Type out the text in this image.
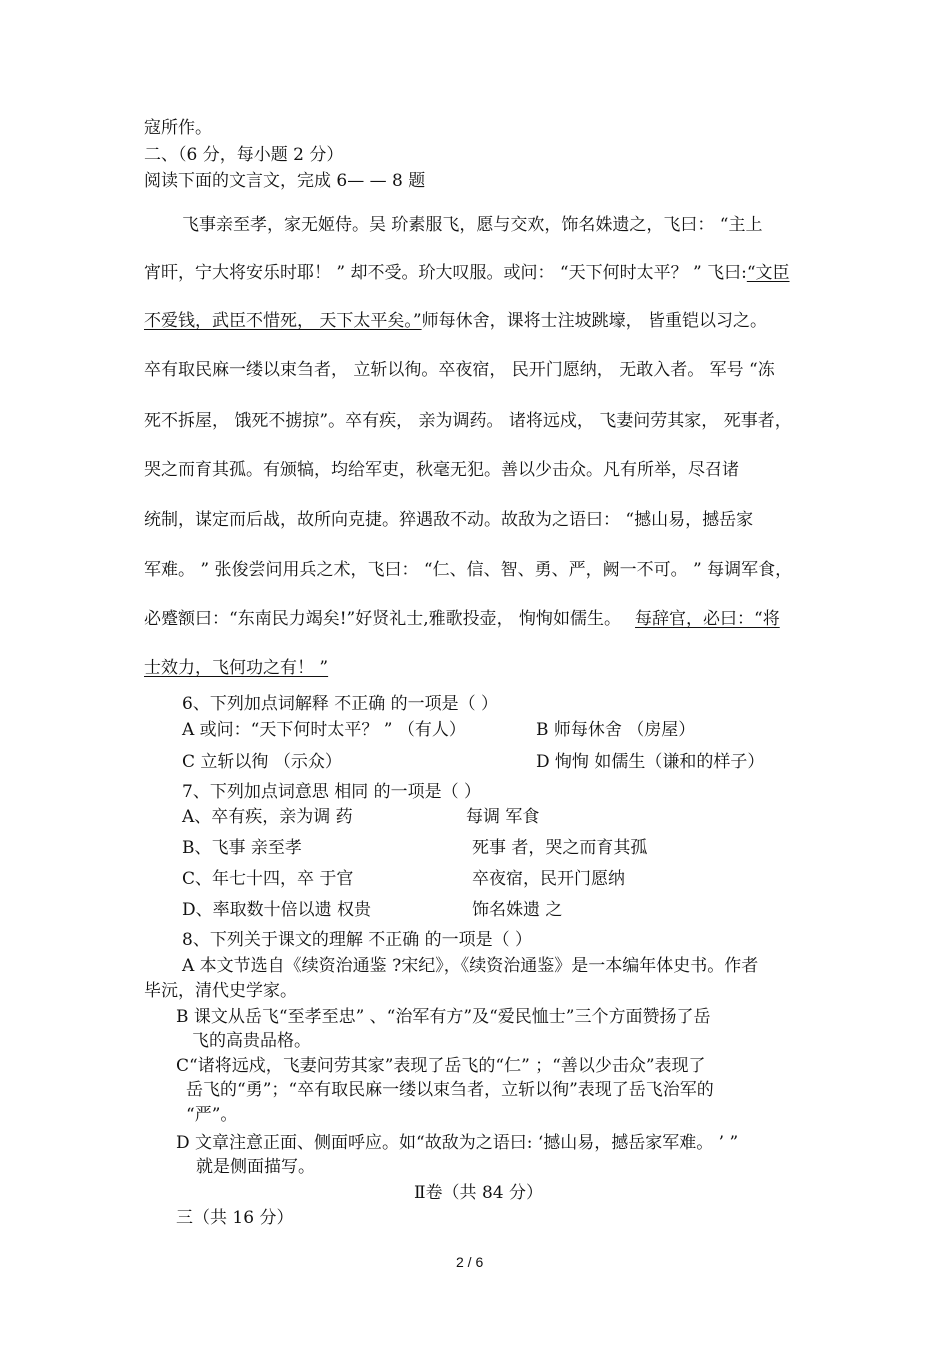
寇所作。
二、（6 分，每小题 2 分）
阅读下面的文言文，完成 6— — 8 题
飞事亲至孝，家无姬侍。吴 玠素服飞，愿与交欢，饰名姝遗之，飞曰： “主上
宵旰，宁大将安乐时耶！ ” 却不受。玠大叹服。或问： “天下何时太平？ ” 飞曰:“文臣
不爱钱，武臣不惜死， 天下太平矣。”师每休舍，课将士注坡跳壕， 皆重铠以习之。
卒有取民麻一缕以束刍者， 立斩以徇。卒夜宿， 民开门愿纳， 无敢入者。 军号 “冻
死不拆屋， 饿死不掳掠”。卒有疾， 亲为调药。 诸将远戍， 飞妻问劳其家， 死事者，
哭之而育其孤。有颁犒，均给军吏，秋毫无犯。善以少击众。凡有所举，尽召诸
统制，谋定而后战，故所向克捷。猝遇敌不动。故敌为之语曰： “撼山易，撼岳家
军难。 ” 张俊尝问用兵之术，飞曰： “仁、信、智、勇、严，阙一不可。 ” 每调军食，
必蹙额曰：“东南民力竭矣!”好贤礼士,雅歌投壶， 恂恂如儒生。 每辞官，必曰：“将
士效力，飞何功之有！ ”
6、下列加点词解释 不正确 的一项是（ ）
A 或问：“天下何时太平？ ” （有人）	B 师每休舍 （房屋）
C 立斩以徇 （示众）	D 恂恂 如儒生（谦和的样子）
7、下列加点词意思 相同 的一项是（ ）
A、卒有疾，亲为调 药	每调 军食
B、飞事 亲至孝	死事 者，哭之而育其孤
C、年七十四，卒 于官	卒夜宿，民开门愿纳
D、率取数十倍以遗 权贵	饰名姝遗 之
8、下列关于课文的理解 不正确 的一项是（ ）
A 本文节选自《续资治通鉴 ?宋纪》，《续资治通鉴》是一本编年体史书。作者
毕沅，清代史学家。
B 课文从岳飞“至孝至忠” 、“治军有方”及“爱民恤士”三个方面赞扬了岳
飞的高贵品格。
C“诸将远戍，飞妻问劳其家”表现了岳飞的“仁” ；“善以少击众”表现了
岳飞的“勇”；“卒有取民麻一缕以束刍者，立斩以徇”表现了岳飞治军的
“严”。
D 文章注意正面、侧面呼应。如“故敌为之语曰: ‘撼山易，撼岳家军难。 ’ ”
就是侧面描写。
Ⅱ卷（共 84 分）
三（共 16 分）
2 / 6
